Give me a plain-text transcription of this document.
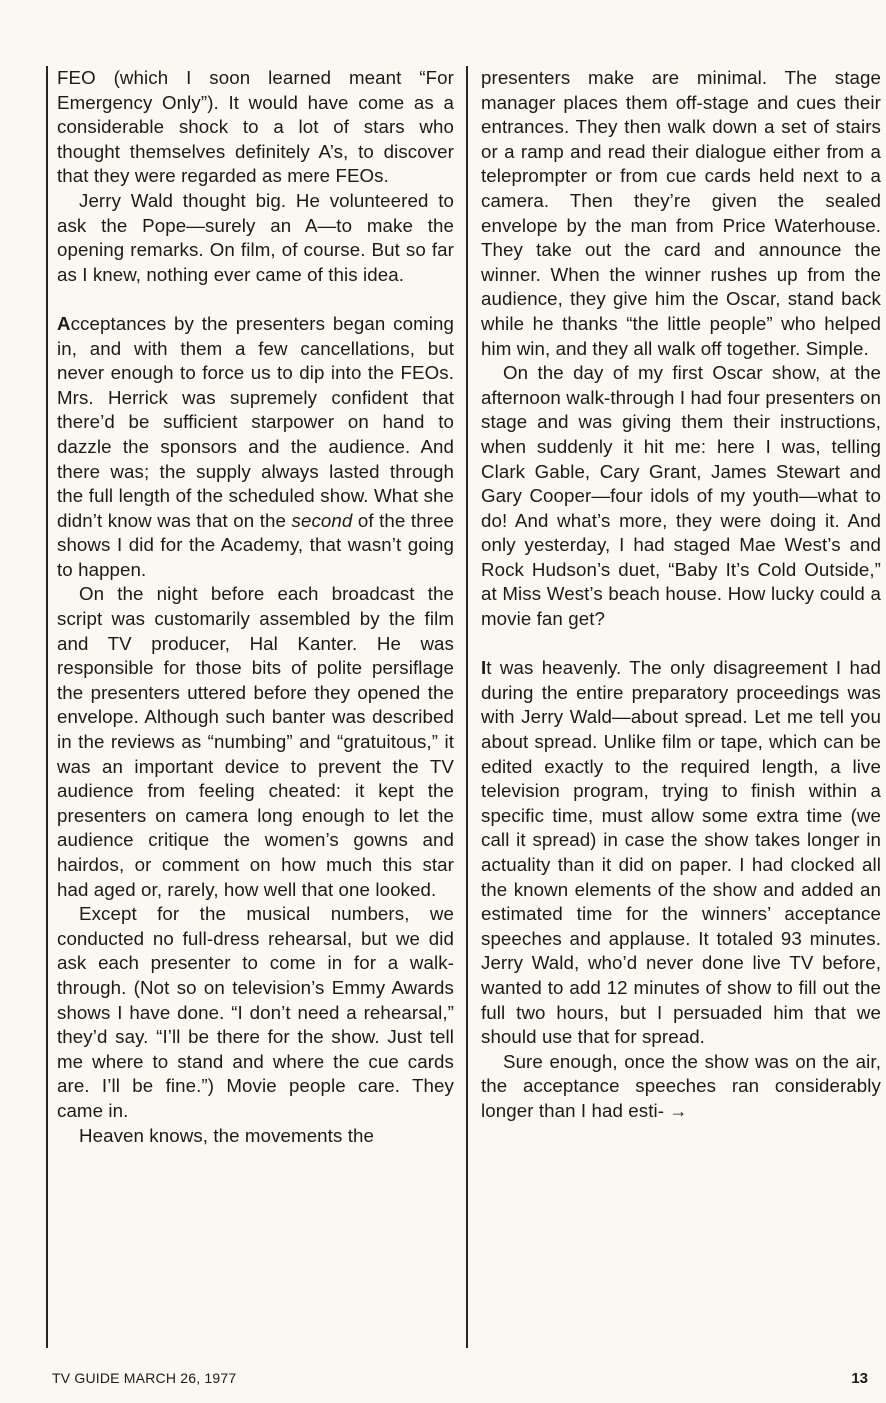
FEO (which I soon learned meant “For Emergency Only”). It would have come as a considerable shock to a lot of stars who thought themselves definitely A’s, to discover that they were regarded as mere FEOs.

Jerry Wald thought big. He volunteered to ask the Pope—surely an A—to make the opening remarks. On film, of course. But so far as I knew, nothing ever came of this idea.

Acceptances by the presenters began coming in, and with them a few cancellations, but never enough to force us to dip into the FEOs. Mrs. Herrick was supremely confident that there’d be sufficient starpower on hand to dazzle the sponsors and the audience. And there was; the supply always lasted through the full length of the scheduled show. What she didn’t know was that on the second of the three shows I did for the Academy, that wasn’t going to happen.

On the night before each broadcast the script was customarily assembled by the film and TV producer, Hal Kanter. He was responsible for those bits of polite persiflage the presenters uttered before they opened the envelope. Although such banter was described in the reviews as “numbing” and “gratuitous,” it was an important device to prevent the TV audience from feeling cheated: it kept the presenters on camera long enough to let the audience critique the women’s gowns and hairdos, or comment on how much this star had aged or, rarely, how well that one looked.

Except for the musical numbers, we conducted no full-dress rehearsal, but we did ask each presenter to come in for a walk-through. (Not so on television’s Emmy Awards shows I have done. “I don’t need a rehearsal,” they’d say. “I’ll be there for the show. Just tell me where to stand and where the cue cards are. I’ll be fine.”) Movie people care. They came in.

Heaven knows, the movements the

presenters make are minimal. The stage manager places them off-stage and cues their entrances. They then walk down a set of stairs or a ramp and read their dialogue either from a teleprompter or from cue cards held next to a camera. Then they’re given the sealed envelope by the man from Price Waterhouse. They take out the card and announce the winner. When the winner rushes up from the audience, they give him the Oscar, stand back while he thanks “the little people” who helped him win, and they all walk off together. Simple.

On the day of my first Oscar show, at the afternoon walk-through I had four presenters on stage and was giving them their instructions, when suddenly it hit me: here I was, telling Clark Gable, Cary Grant, James Stewart and Gary Cooper—four idols of my youth—what to do! And what’s more, they were doing it. And only yesterday, I had staged Mae West’s and Rock Hudson’s duet, “Baby It’s Cold Outside,” at Miss West’s beach house. How lucky could a movie fan get?

It was heavenly. The only disagreement I had during the entire preparatory proceedings was with Jerry Wald—about spread. Let me tell you about spread. Unlike film or tape, which can be edited exactly to the required length, a live television program, trying to finish within a specific time, must allow some extra time (we call it spread) in case the show takes longer in actuality than it did on paper. I had clocked all the known elements of the show and added an estimated time for the winners’ acceptance speeches and applause. It totaled 93 minutes. Jerry Wald, who’d never done live TV before, wanted to add 12 minutes of show to fill out the full two hours, but I persuaded him that we should use that for spread.

Sure enough, once the show was on the air, the acceptance speeches ran considerably longer than I had esti- →

TV GUIDE MARCH 26, 1977	13
